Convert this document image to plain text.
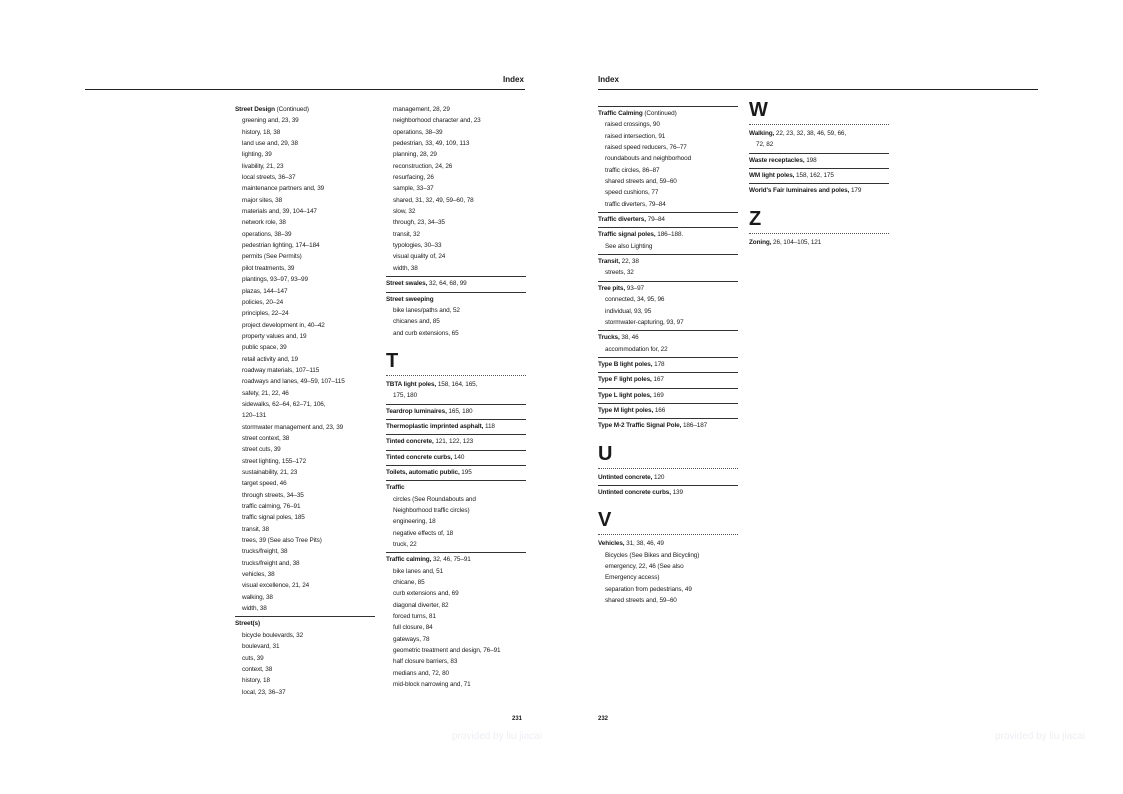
Index	Index
Street Design (Continued)
greening and, 23, 39
history, 18, 38
land use and, 29, 38
lighting, 39
livability, 21, 23
local streets, 36–37
maintenance partners and, 39
major sites, 38
materials and, 39, 104–147
network role, 38
operations, 38–39
pedestrian lighting, 174–184
permits (See Permits)
pilot treatments, 39
plantings, 93–97, 93–99
plazas, 144–147
policies, 20–24
principles, 22–24
project development in, 40–42
property values and, 19
public space, 39
retail activity and, 19
roadway materials, 107–115
roadways and lanes, 49–59, 107–115
safety, 21, 22, 46
sidewalks, 62–64, 62–71, 106,
120–131
stormwater management and, 23, 39
street context, 38
street cuts, 39
street lighting, 155–172
sustainability, 21, 23
target speed, 46
through streets, 34–35
traffic calming, 76–91
traffic signal poles, 185
transit, 38
trees, 39 (See also Tree Pits)
trucks/freight, 38
trucks/freight and, 38
vehicles, 38
visual excellence, 21, 24
walking, 38
width, 38
Street(s)
bicycle boulevards, 32
boulevard, 31
cuts, 39
context, 38
history, 18
local, 23, 36–37
management, 28, 29
neighborhood character and, 23
operations, 38–39
pedestrian, 33, 49, 109, 113
planning, 28, 29
reconstruction, 24, 26
resurfacing, 26
sample, 33–37
shared, 31, 32, 49, 59–60, 78
slow, 32
through, 23, 34–35
transit, 32
typologies, 30–33
visual quality of, 24
width, 38
Street swales, 32, 64, 68, 99
Street sweeping
bike lanes/paths and, 52
chicanes and, 85
and curb extensions, 65
T
TBTA light poles, 158, 164, 165,
175, 180
Teardrop luminaires, 165, 180
Thermoplastic imprinted asphalt, 118
Tinted concrete, 121, 122, 123
Tinted concrete curbs, 140
Toilets, automatic public, 195
Traffic
circles (See Roundabouts and
Neighborhood traffic circles)
engineering, 18
negative effects of, 18
truck, 22
Traffic calming, 32, 46, 75–91
bike lanes and, 51
chicane, 85
curb extensions and, 69
diagonal diverter, 82
forced turns, 81
full closure, 84
gateways, 78
geometric treatment and design, 76–91
half closure barriers, 83
medians and, 72, 80
mid-block narrowing and, 71
Traffic Calming (Continued)
raised crossings, 90
raised intersection, 91
raised speed reducers, 76–77
roundabouts and neighborhood
traffic circles, 86–87
shared streets and, 59–60
speed cushions, 77
traffic diverters, 79–84
Traffic diverters, 79–84
Traffic signal poles, 186–188.
See also Lighting
Transit, 22, 38
streets, 32
Tree pits, 93–97
connected, 34, 95, 96
individual, 93, 95
stormwater-capturing, 93, 97
Trucks, 38, 46
accommodation for, 22
Type B light poles, 178
Type F light poles, 167
Type L light poles, 169
Type M light poles, 166
Type M-2 Traffic Signal Pole, 186–187
U
Untinted concrete, 120
Untinted concrete curbs, 139
V
Vehicles, 31, 38, 46, 49
Bicycles (See Bikes and Bicycling)
emergency, 22, 46 (See also
Emergency access)
separation from pedestrians, 49
shared streets and, 59–60
W
Walking, 22, 23, 32, 38, 46, 59, 66,
72, 82
Waste receptacles, 198
WM light poles, 158, 162, 175
World's Fair luminaires and poles, 179
Z
Zoning, 26, 104–105, 121
231	232
provided by liu jiacai	provided by liu jiacai
